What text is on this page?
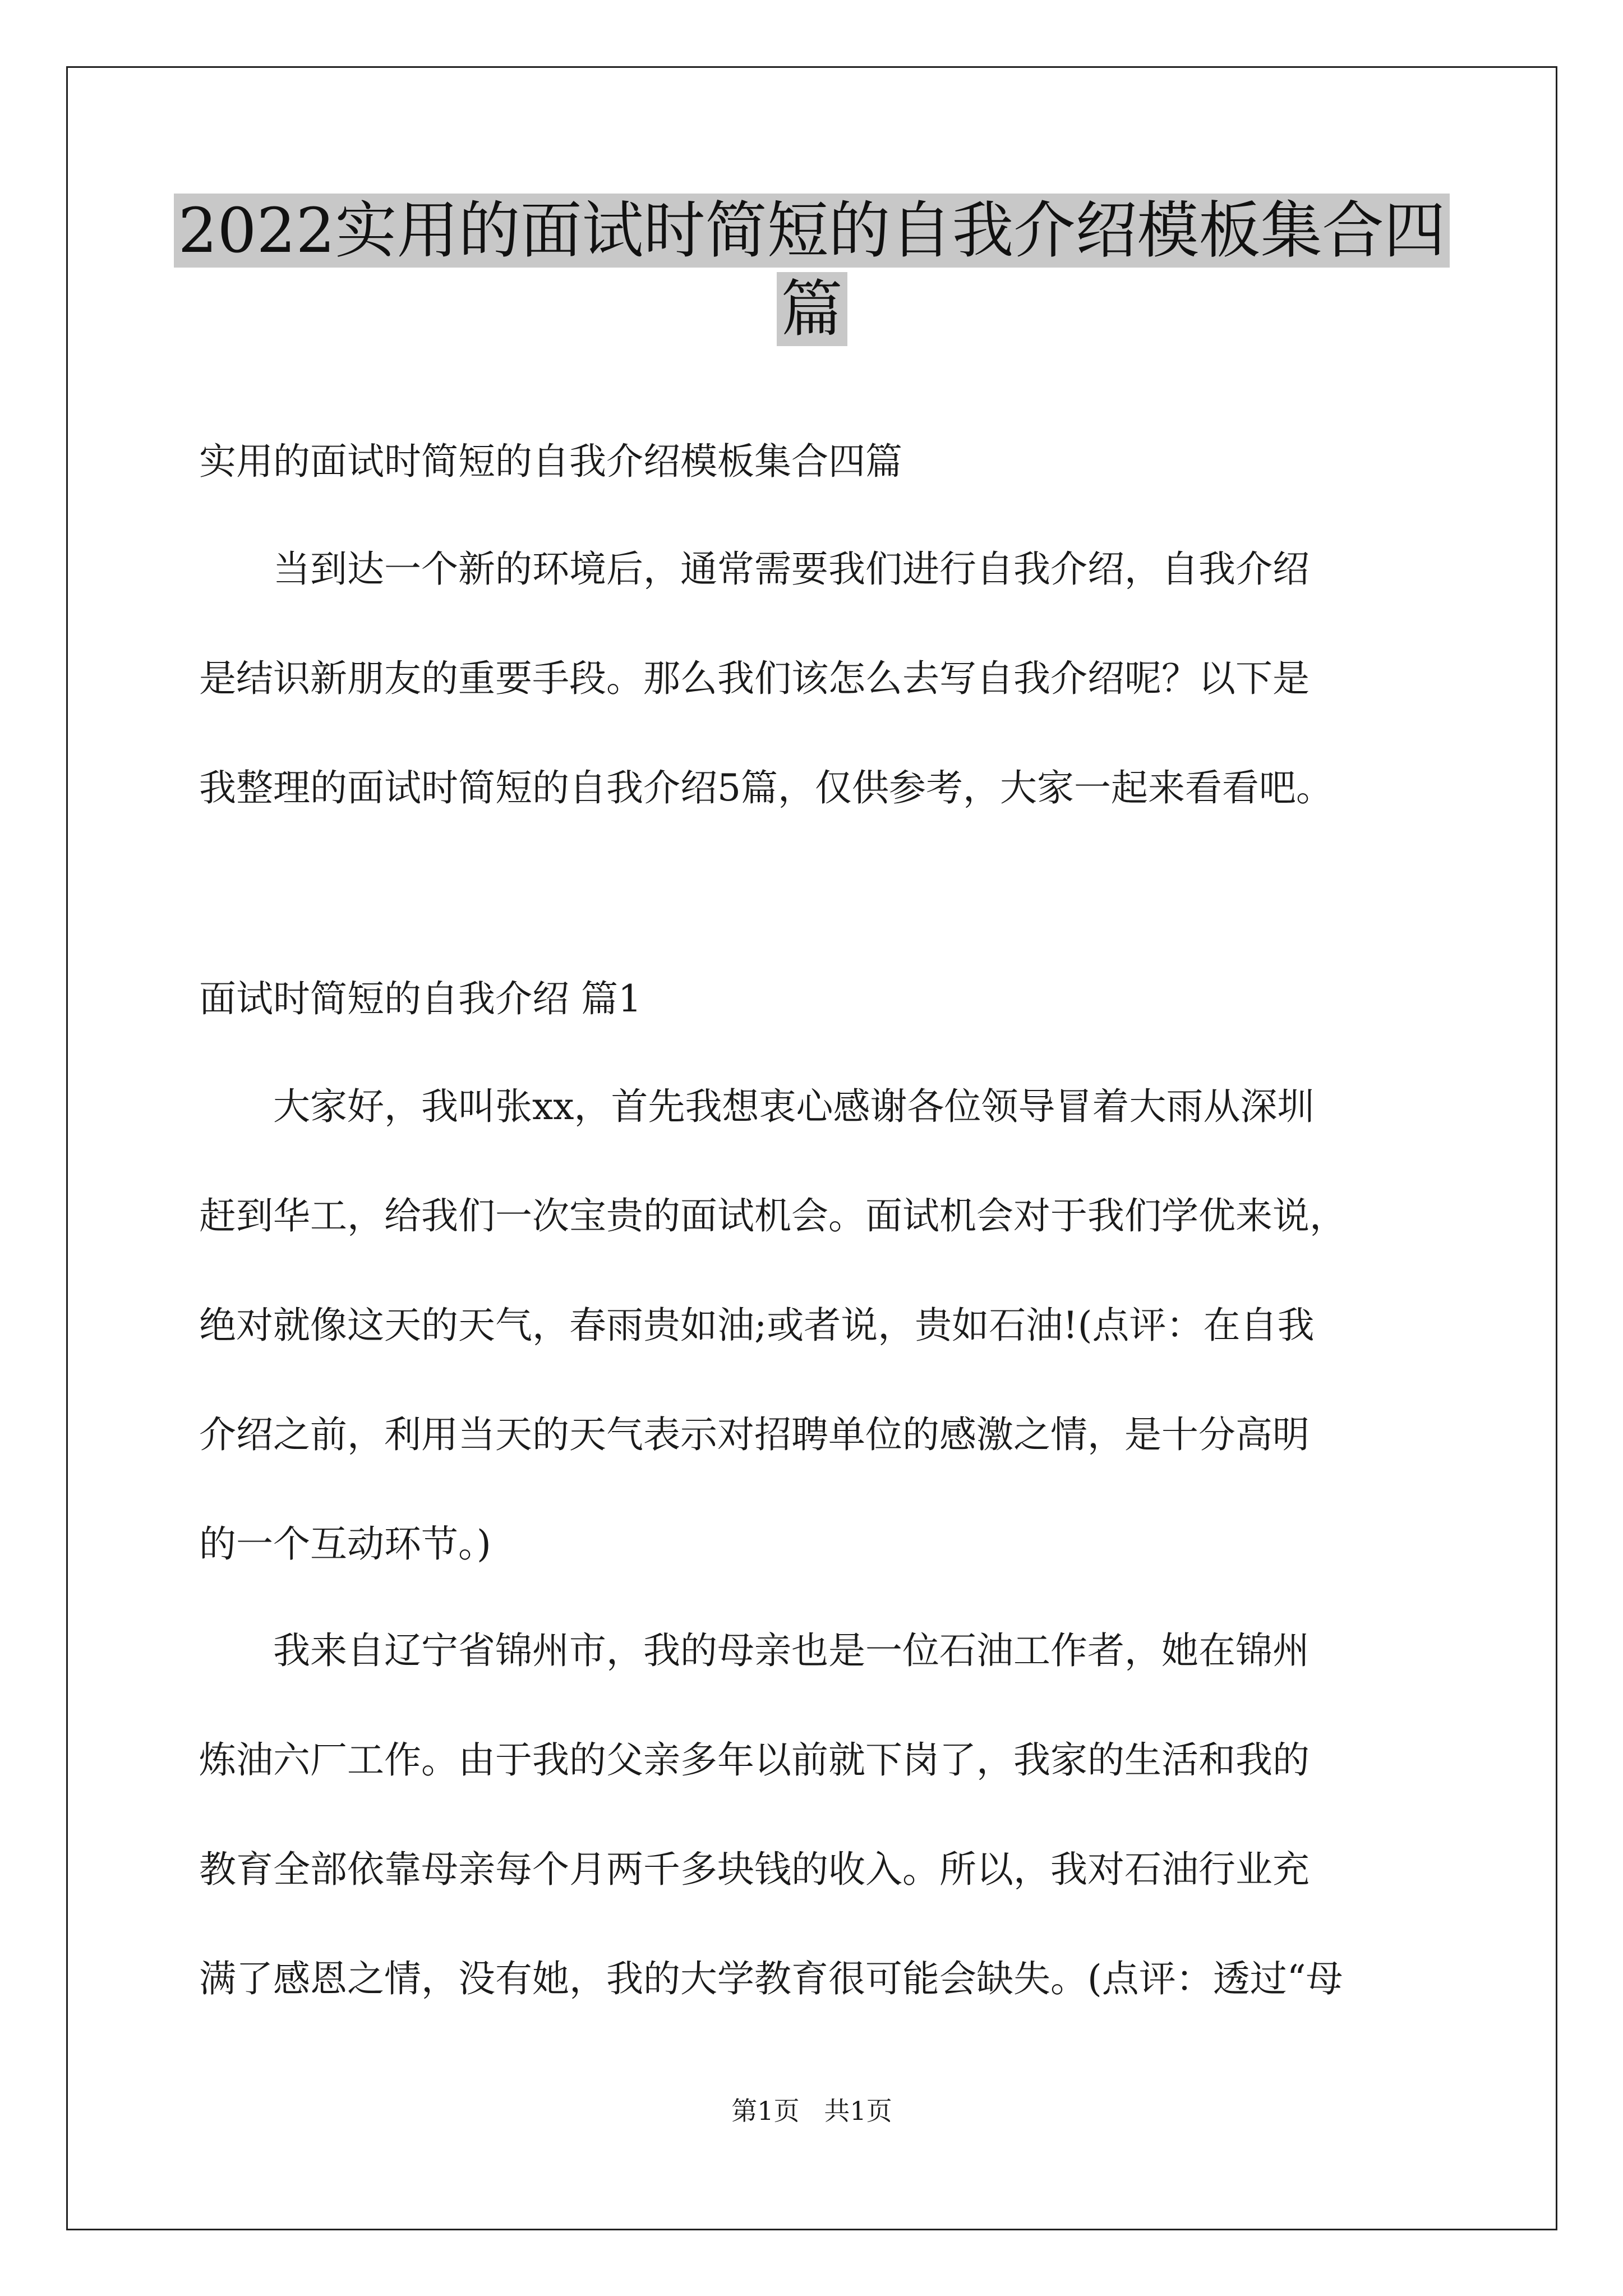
2022实用的面试时简短的自我介绍模板集合四
篇
实用的面试时简短的自我介绍模板集合四篇
　　当到达一个新的环境后，通常需要我们进行自我介绍，自我介绍
是结识新朋友的重要手段。那么我们该怎么去写自我介绍呢？以下是
我整理的面试时简短的自我介绍5篇，仅供参考，大家一起来看看吧。
面试时简短的自我介绍 篇1
　　大家好，我叫张xx，首先我想衷心感谢各位领导冒着大雨从深圳
赶到华工，给我们一次宝贵的面试机会。面试机会对于我们学优来说，
绝对就像这天的天气，春雨贵如油;或者说，贵如石油!(点评：在自我
介绍之前，利用当天的天气表示对招聘单位的感激之情，是十分高明
的一个互动环节。)
　　我来自辽宁省锦州市，我的母亲也是一位石油工作者，她在锦州
炼油六厂工作。由于我的父亲多年以前就下岗了，我家的生活和我的
教育全部依靠母亲每个月两千多块钱的收入。所以，我对石油行业充
满了感恩之情，没有她，我的大学教育很可能会缺失。(点评：透过“母
第1页   共1页
